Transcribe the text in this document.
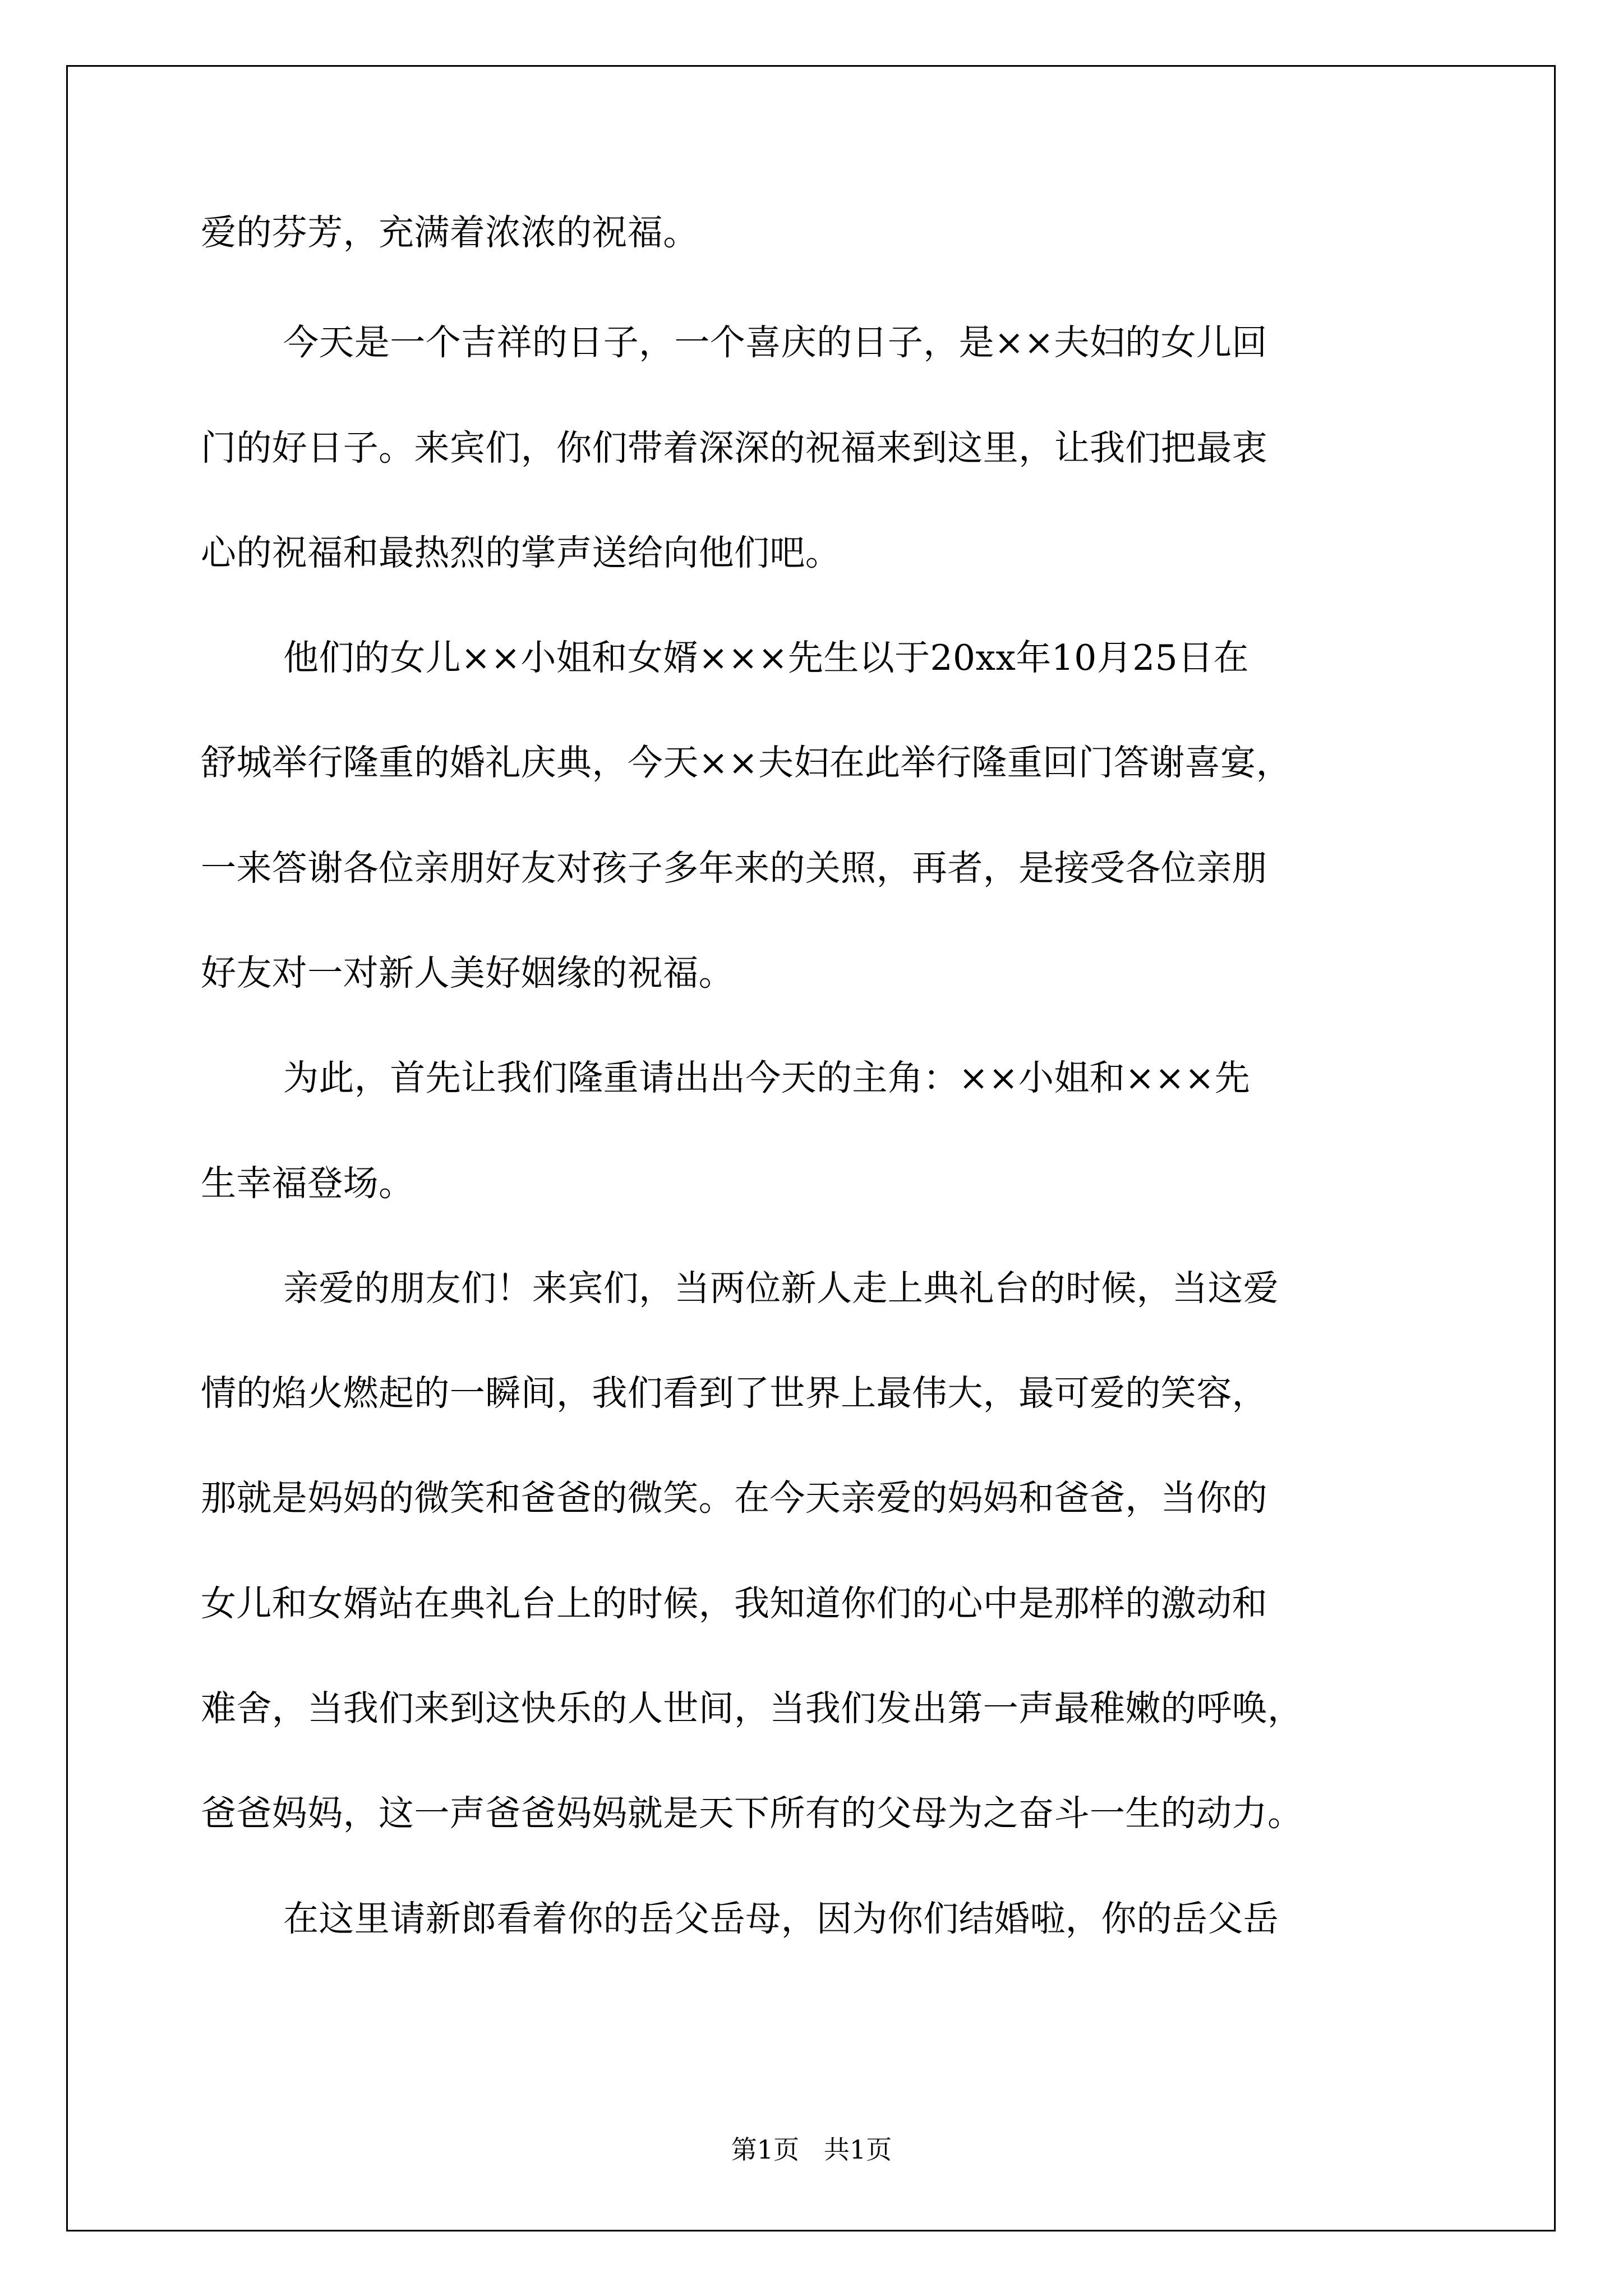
爱的芬芳，充满着浓浓的祝福。
今天是一个吉祥的日子，一个喜庆的日子，是××夫妇的女儿回
门的好日子。来宾们，你们带着深深的祝福来到这里，让我们把最衷
心的祝福和最热烈的掌声送给向他们吧。
他们的女儿××小姐和女婿×××先生以于20xx年10月25日在
舒城举行隆重的婚礼庆典，今天××夫妇在此举行隆重回门答谢喜宴，
一来答谢各位亲朋好友对孩子多年来的关照，再者，是接受各位亲朋
好友对一对新人美好姻缘的祝福。
为此，首先让我们隆重请出出今天的主角：××小姐和×××先
生幸福登场。
亲爱的朋友们！来宾们，当两位新人走上典礼台的时候，当这爱
情的焰火燃起的一瞬间，我们看到了世界上最伟大，最可爱的笑容，
那就是妈妈的微笑和爸爸的微笑。在今天亲爱的妈妈和爸爸，当你的
女儿和女婿站在典礼台上的时候，我知道你们的心中是那样的激动和
难舍，当我们来到这快乐的人世间，当我们发出第一声最稚嫩的呼唤，
爸爸妈妈，这一声爸爸妈妈就是天下所有的父母为之奋斗一生的动力。
在这里请新郎看着你的岳父岳母，因为你们结婚啦，你的岳父岳
第1页   共1页
